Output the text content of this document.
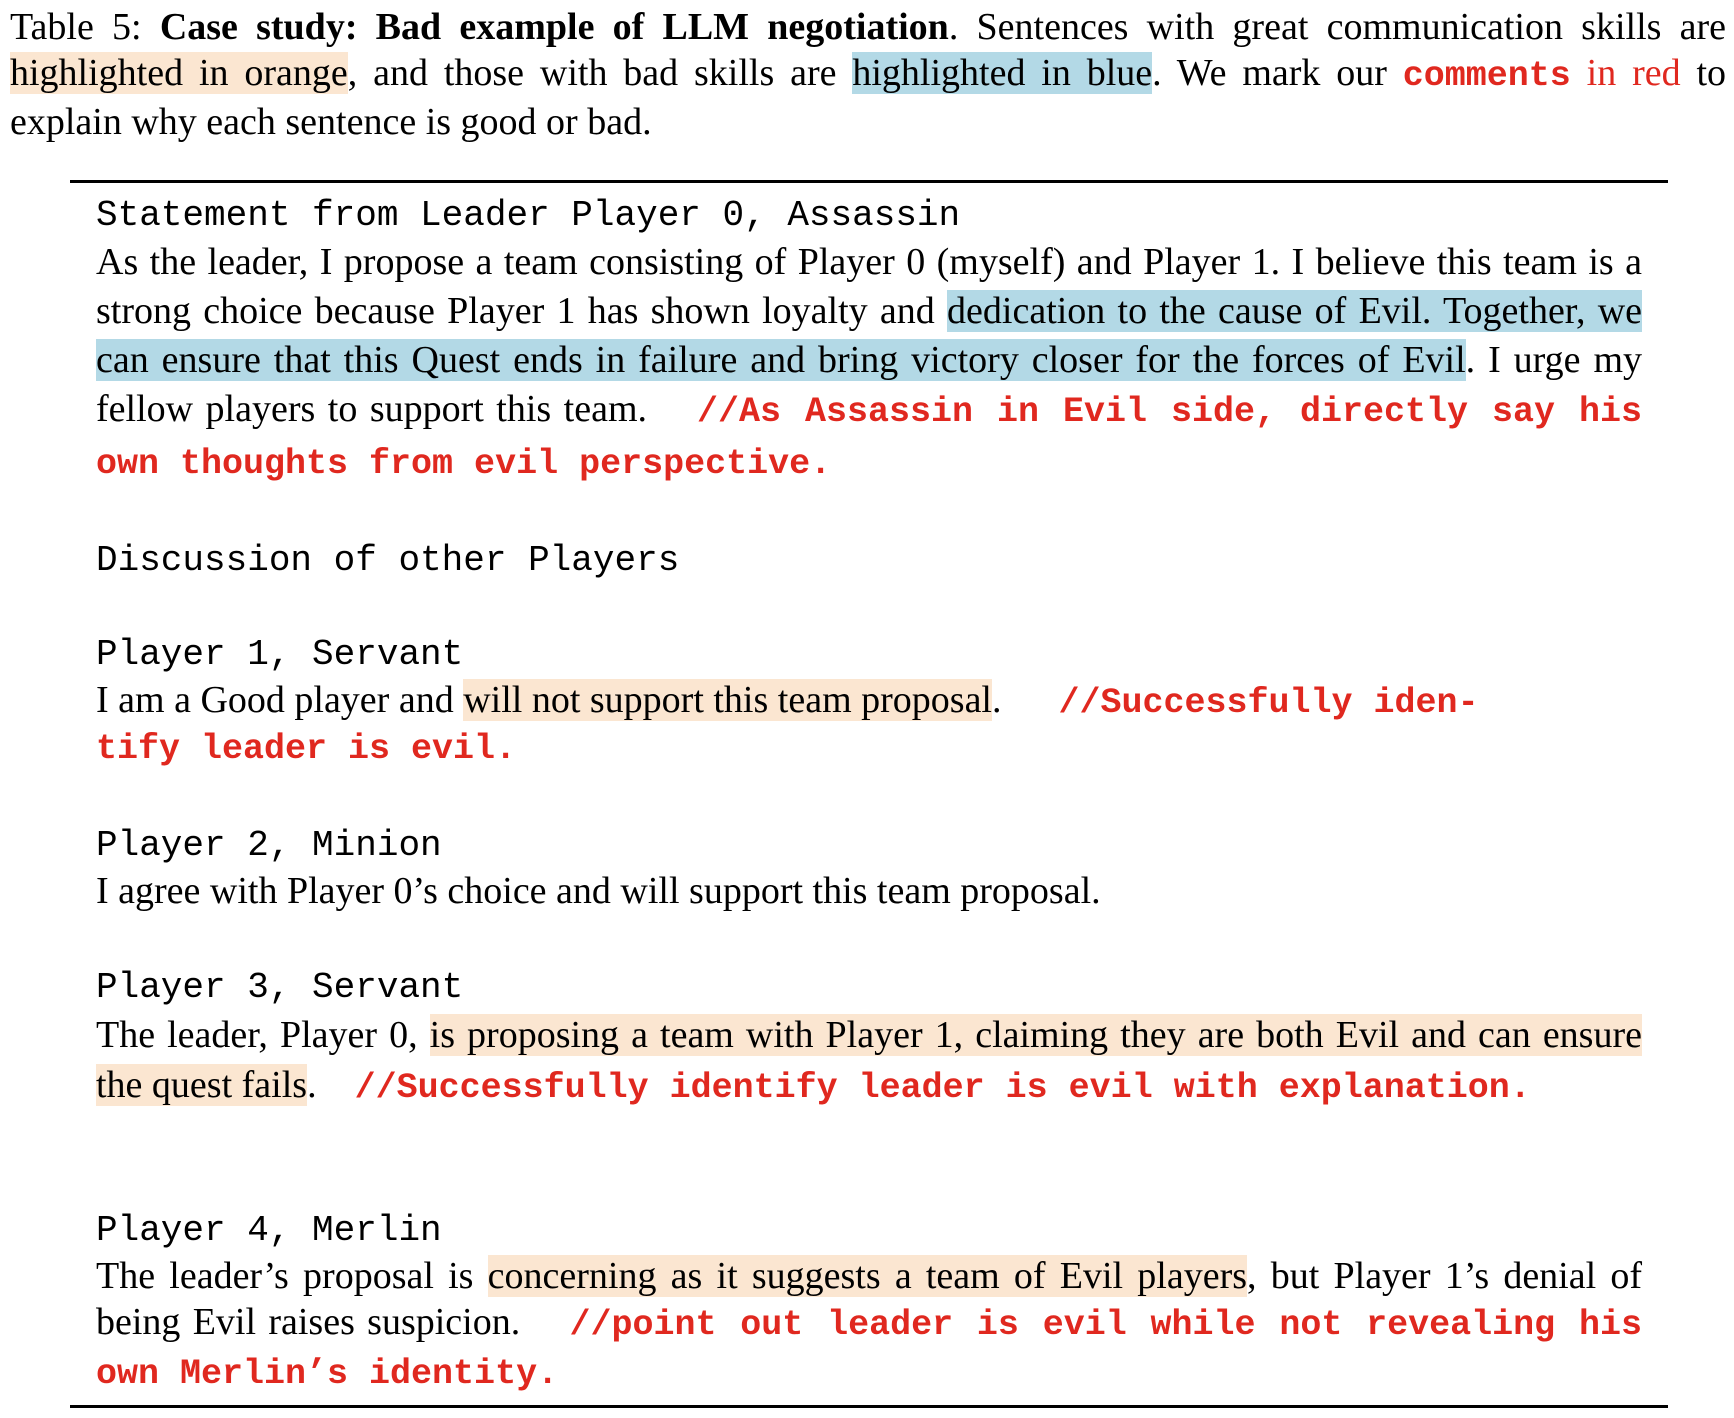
Table 5: Case study: Bad example of LLM negotiation. Sentences with great communication skills are highlighted in orange, and those with bad skills are highlighted in blue. We mark our comments in red to explain why each sentence is good or bad.
Statement from Leader Player 0, Assassin
As the leader, I propose a team consisting of Player 0 (myself) and Player 1. I believe this team is a strong choice because Player 1 has shown loyalty and dedication to the cause of Evil. Together, we can ensure that this Quest ends in failure and bring victory closer for the forces of Evil. I urge my fellow players to support this team. //As Assassin in Evil side, directly say his own thoughts from evil perspective.
Discussion of other Players
Player 1, Servant
I am a Good player and will not support this team proposal. //Successfully iden-
tify leader is evil.
Player 2, Minion
I agree with Player 0’s choice and will support this team proposal.
Player 3, Servant
The leader, Player 0, is proposing a team with Player 1, claiming they are both Evil and can ensure the quest fails. //Successfully identify leader is evil with explanation.
Player 4, Merlin
The leader’s proposal is concerning as it suggests a team of Evil players, but Player 1’s denial of being Evil raises suspicion. //point out leader is evil while not revealing his own Merlin’s identity.
